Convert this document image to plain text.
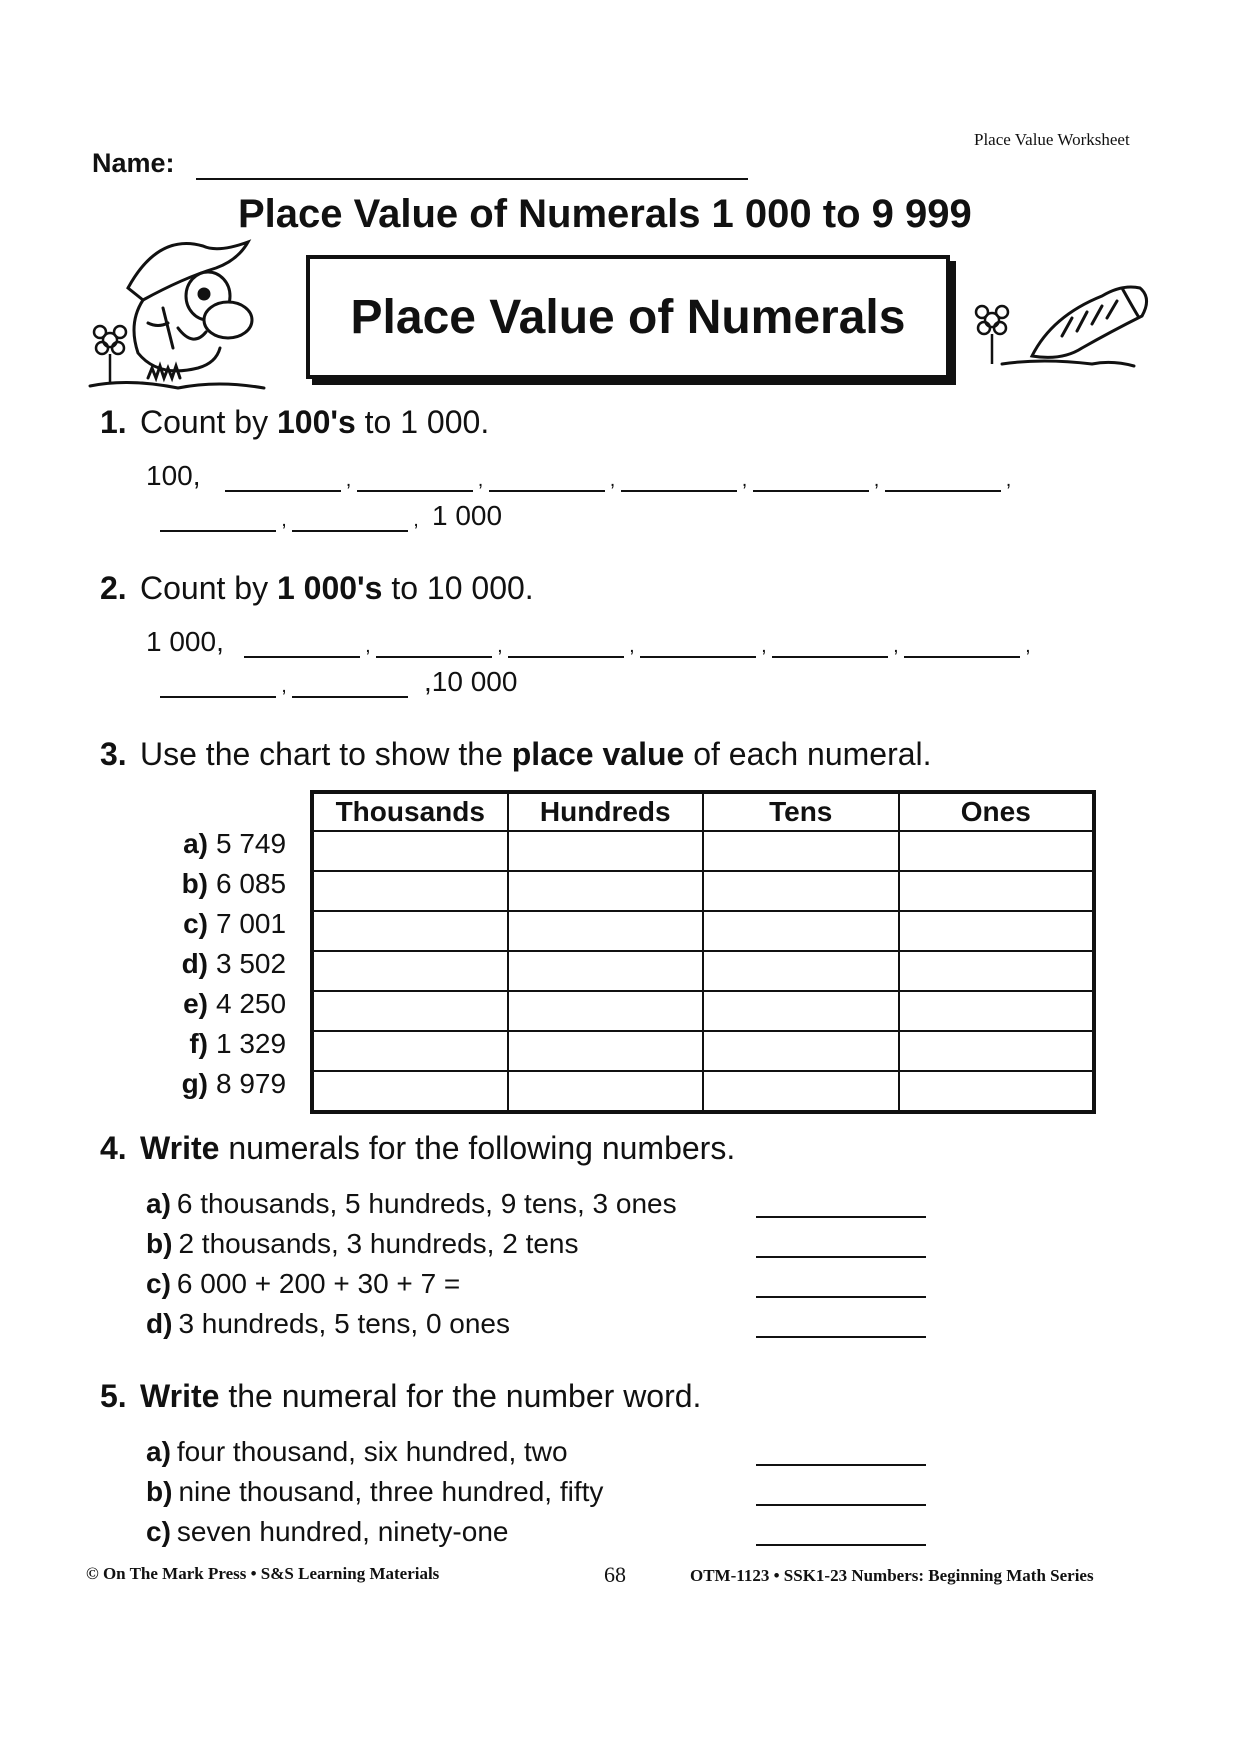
Place Value Worksheet
Name:
Place Value of Numerals 1 000 to 9 999
Place Value of Numerals
1. Count by 100's to 1 000.
100,	,	,	,	,	,	,
,	, 1 000
2. Count by 1 000's to 10 000.
1 000,	,	,	,	,	,	,
,	,10 000
3. Use the chart to show the place value of each numeral.
a) 5 749
b) 6 085
c) 7 001
d) 3 502
e) 4 250
f) 1 329
g) 8 979
Thousands	Hundreds	Tens	Ones

4. Write numerals for the following numbers.
a) 6 thousands, 5 hundreds, 9 tens, 3 ones
b) 2 thousands, 3 hundreds, 2 tens
c) 6 000 + 200 + 30 + 7 =
d) 3 hundreds, 5 tens, 0 ones
5. Write the numeral for the number word.
a) four thousand, six hundred, two
b) nine thousand, three hundred, fifty
c) seven hundred, ninety-one
© On The Mark Press • S&S Learning Materials	68	OTM-1123 • SSK1-23 Numbers: Beginning Math Series
